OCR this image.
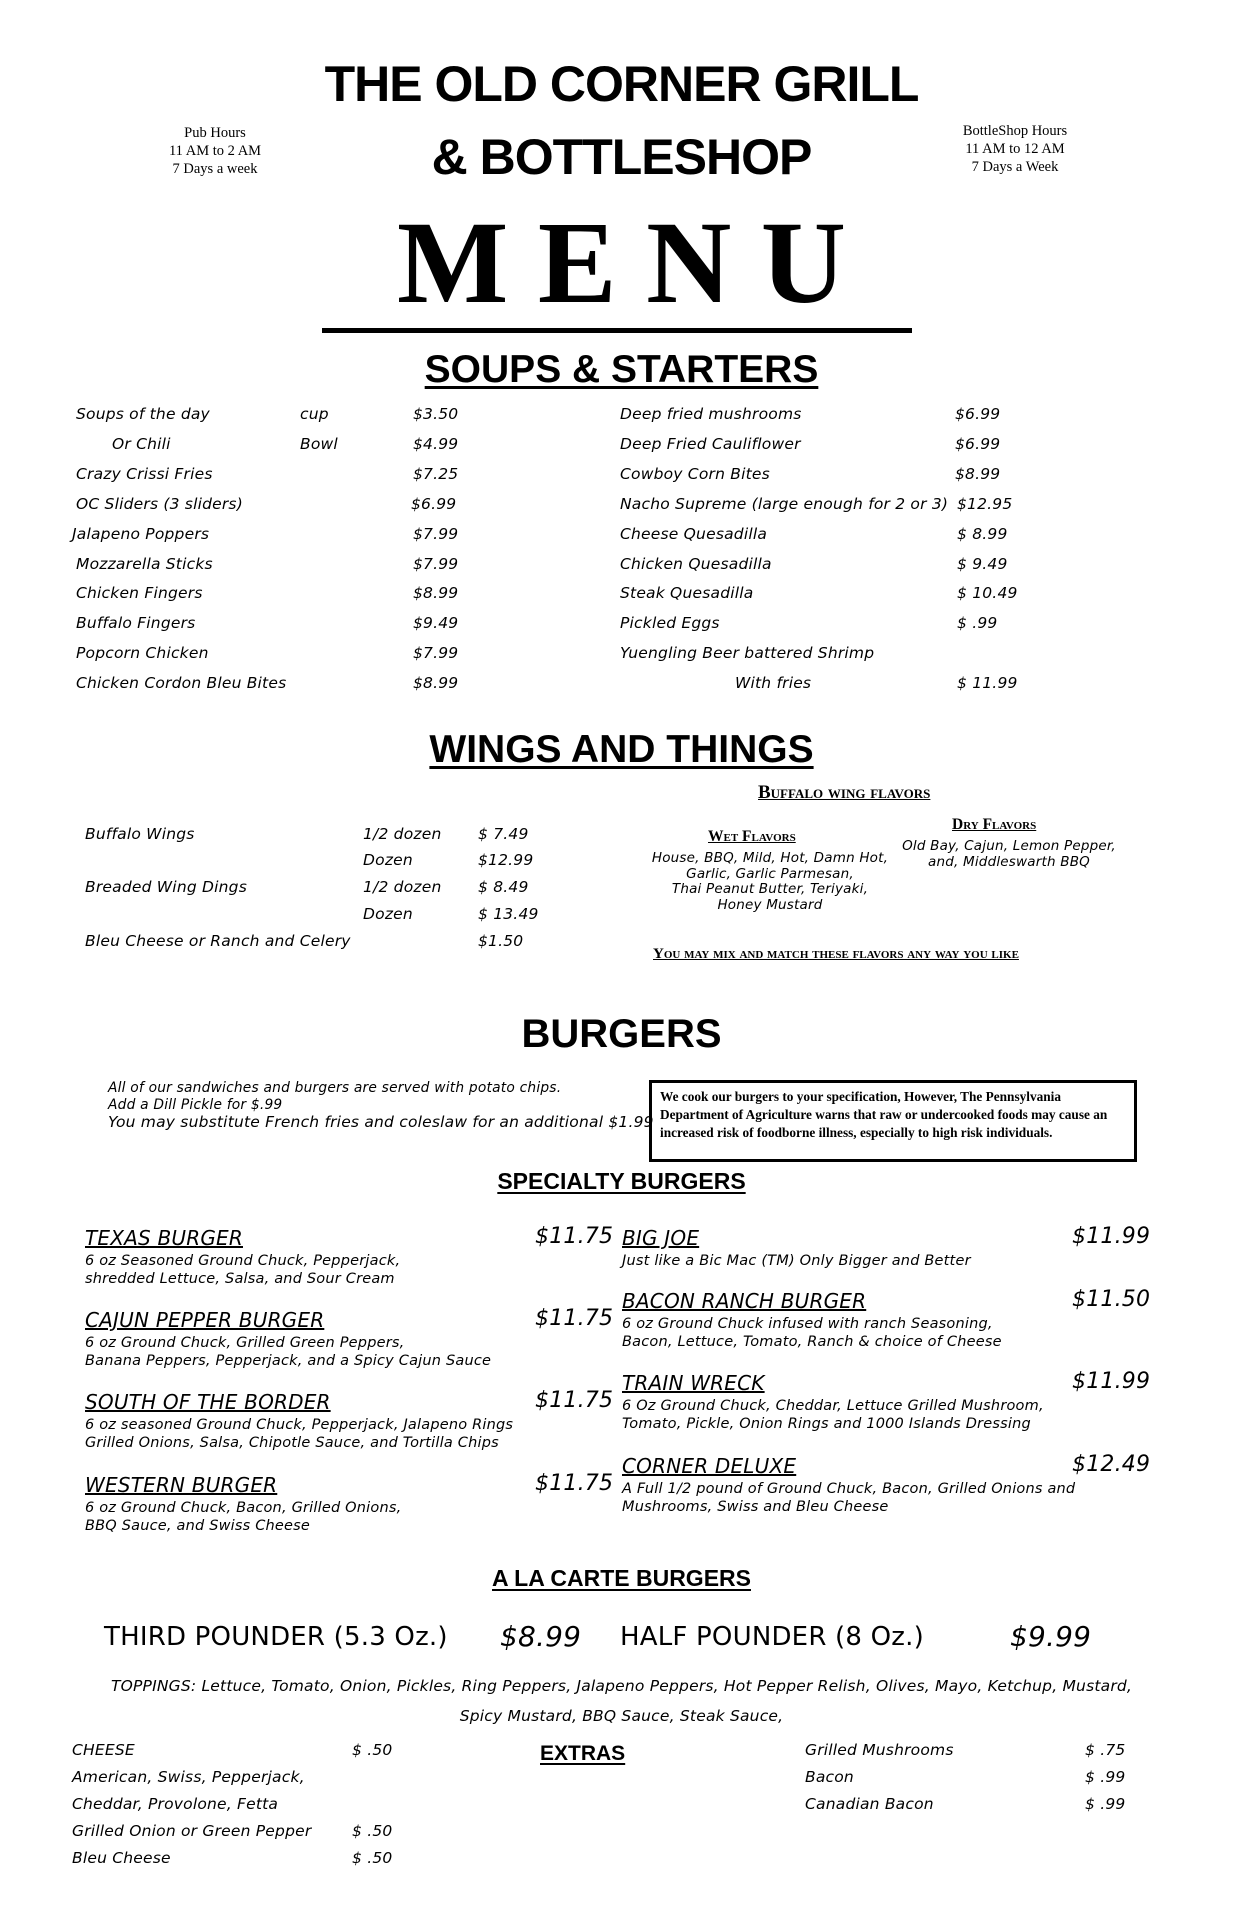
THE OLD CORNER GRILL
& BOTTLESHOP
Pub Hours
11 AM to 2 AM
7 Days a week
BottleShop Hours
11 AM to 12 AM
7 Days a Week
M E N U
SOUPS & STARTERS
Soups of the day	cup	$3.50
Or Chili	Bowl	$4.99
Crazy Crissi Fries	$7.25
OC Sliders (3 sliders)	$6.99
Jalapeno Poppers	$7.99
Mozzarella Sticks	$7.99
Chicken Fingers	$8.99
Buffalo Fingers	$9.49
Popcorn Chicken	$7.99
Chicken Cordon Bleu Bites	$8.99
Deep fried mushrooms	$6.99
Deep Fried Cauliflower	$6.99
Cowboy Corn Bites	$8.99
Nacho Supreme (large enough for 2 or 3) $12.95
Cheese Quesadilla	$ 8.99
Chicken Quesadilla	$ 9.49
Steak Quesadilla	$ 10.49
Pickled Eggs	$ .99
Yuengling Beer battered Shrimp
With fries	$ 11.99
WINGS AND THINGS
Buffalo Wings	1/2 dozen $ 7.49
Dozen	$12.99
Breaded Wing Dings	1/2 dozen $ 8.49
Dozen	$ 13.49
Bleu Cheese or Ranch and Celery	$1.50
Buffalo wing flavors
Wet Flavors
House, BBQ, Mild, Hot, Damn Hot,
Garlic, Garlic Parmesan,
Thai Peanut Butter, Teriyaki,
Honey Mustard
Dry Flavors
Old Bay, Cajun, Lemon Pepper,
and, Middleswarth BBQ
You may mix and match these flavors any way you like
BURGERS
All of our sandwiches and burgers are served with potato chips.
Add a Dill Pickle for $.99
You may substitute French fries and coleslaw for an additional $1.99
We cook our burgers to your specification, However, The Pennsylvania Department of Agriculture warns that raw or undercooked foods may cause an increased risk of foodborne illness, especially to high risk individuals.
SPECIALTY BURGERS
TEXAS BURGER	$11.75
6 oz Seasoned Ground Chuck, Pepperjack,
shredded Lettuce, Salsa, and Sour Cream
CAJUN PEPPER BURGER	$11.75
6 oz Ground Chuck, Grilled Green Peppers,
Banana Peppers, Pepperjack, and a Spicy Cajun Sauce
SOUTH OF THE BORDER	$11.75
6 oz seasoned Ground Chuck, Pepperjack, Jalapeno Rings
Grilled Onions, Salsa, Chipotle Sauce, and Tortilla Chips
WESTERN BURGER	$11.75
6 oz Ground Chuck, Bacon, Grilled Onions,
BBQ Sauce, and Swiss Cheese
BIG JOE	$11.99
Just like a Bic Mac (TM) Only Bigger and Better
BACON RANCH BURGER	$11.50
6 oz Ground Chuck infused with ranch Seasoning,
Bacon, Lettuce, Tomato, Ranch & choice of Cheese
TRAIN WRECK	$11.99
6 Oz Ground Chuck, Cheddar, Lettuce Grilled Mushroom,
Tomato, Pickle, Onion Rings and 1000 Islands Dressing
CORNER DELUXE	$12.49
A Full 1/2 pound of Ground Chuck, Bacon, Grilled Onions and
Mushrooms, Swiss and Bleu Cheese
A LA CARTE BURGERS
THIRD POUNDER (5.3 Oz.) $8.99 HALF POUNDER (8 Oz.)	$9.99
TOPPINGS: Lettuce, Tomato, Onion, Pickles, Ring Peppers, Jalapeno Peppers, Hot Pepper Relish, Olives, Mayo, Ketchup, Mustard,
Spicy Mustard, BBQ Sauce, Steak Sauce,
EXTRAS
CHEESE	$ .50
American, Swiss, Pepperjack,
Cheddar, Provolone, Fetta
Grilled Onion or Green Pepper	$ .50
Bleu Cheese	$ .50
Grilled Mushrooms	$ .75
Bacon	$ .99
Canadian Bacon	$ .99
